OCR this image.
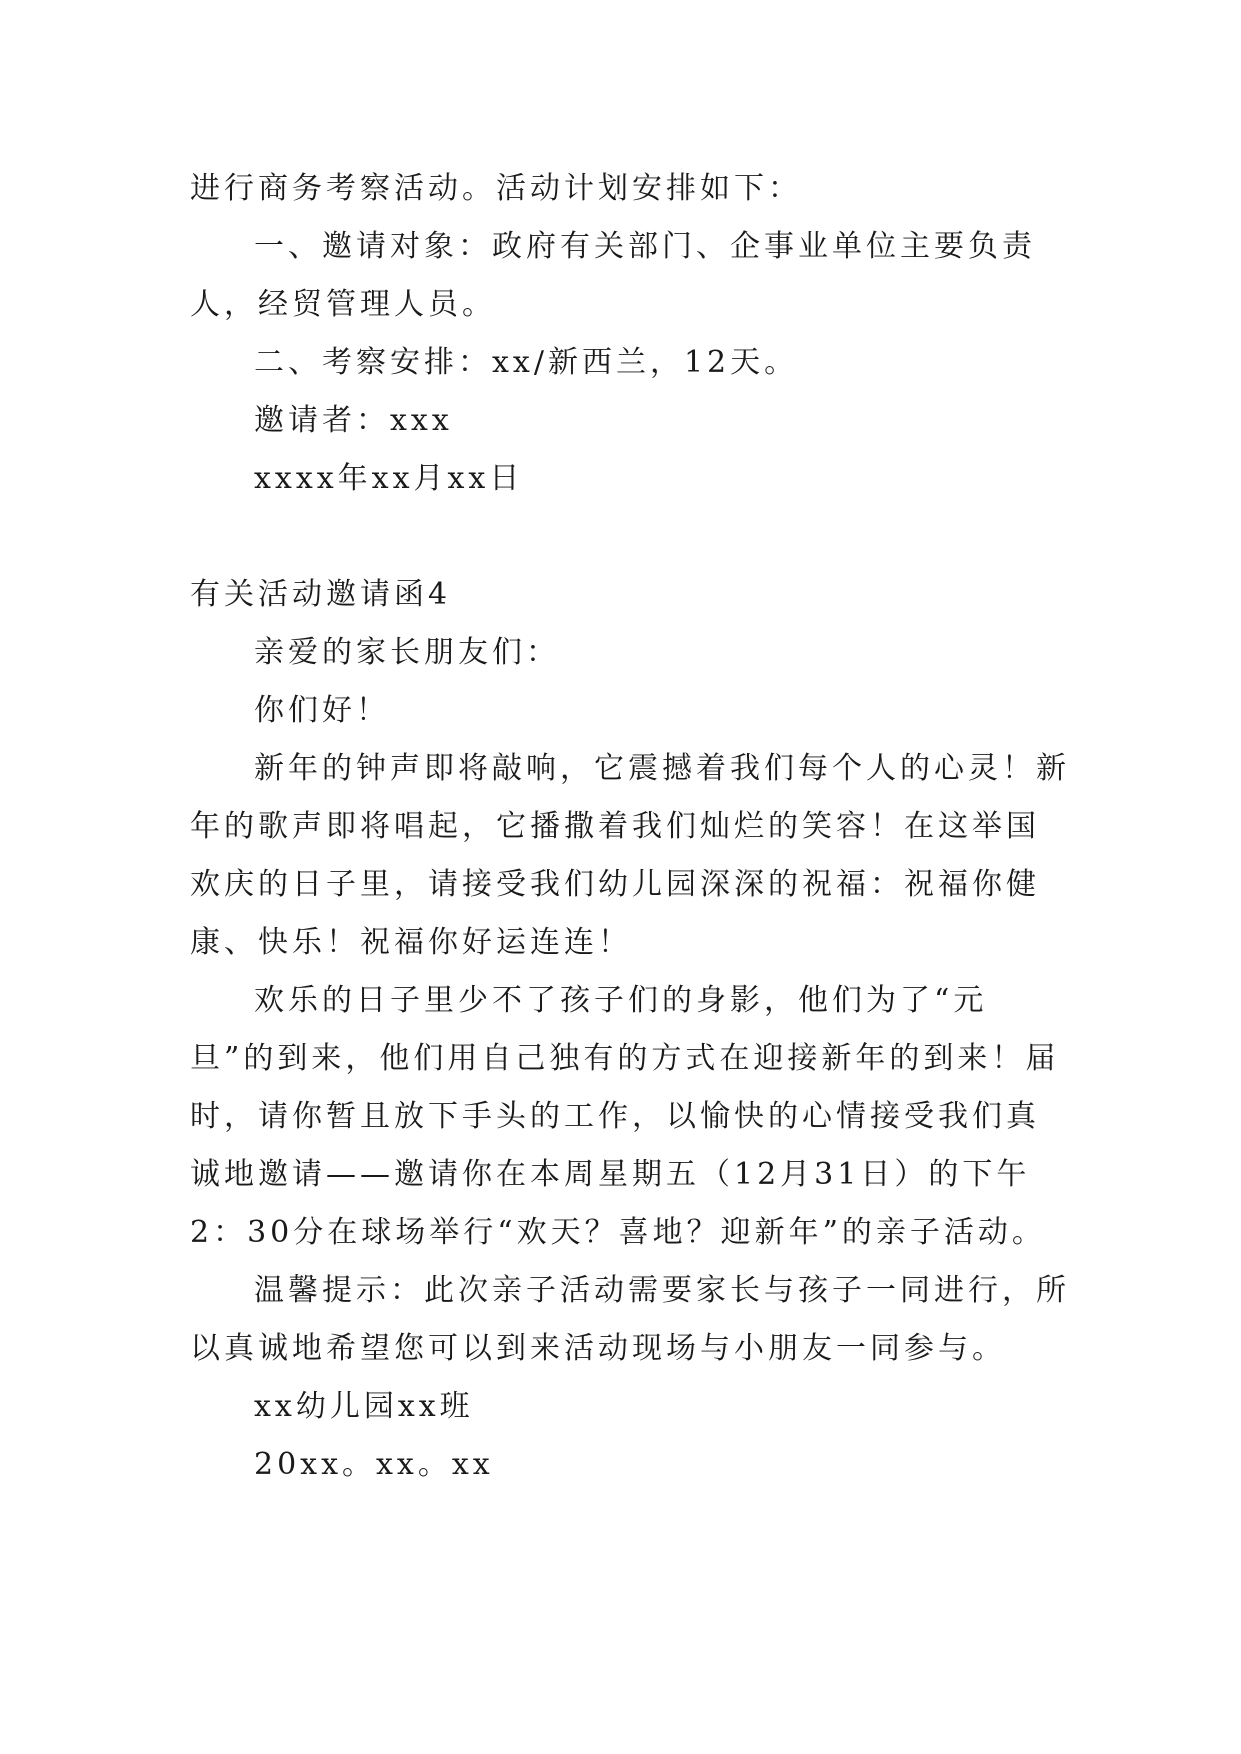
进行商务考察活动。活动计划安排如下：

一、邀请对象：政府有关部门、企事业单位主要负责人，经贸管理人员。

二、考察安排：xx/新西兰，12天。

邀请者：xxx

xxxx年xx月xx日

有关活动邀请函4

亲爱的家长朋友们：

你们好！

新年的钟声即将敲响，它震撼着我们每个人的心灵！新年的歌声即将唱起，它播撒着我们灿烂的笑容！在这举国欢庆的日子里，请接受我们幼儿园深深的祝福：祝福你健康、快乐！祝福你好运连连！

欢乐的日子里少不了孩子们的身影，他们为了“元旦”的到来，他们用自己独有的方式在迎接新年的到来！届时，请你暂且放下手头的工作，以愉快的心情接受我们真诚地邀请——邀请你在本周星期五（12月31日）的下午2：30分在球场举行“欢天？喜地？迎新年”的亲子活动。

温馨提示：此次亲子活动需要家长与孩子一同进行，所以真诚地希望您可以到来活动现场与小朋友一同参与。

xx幼儿园xx班

20xx。xx。xx
